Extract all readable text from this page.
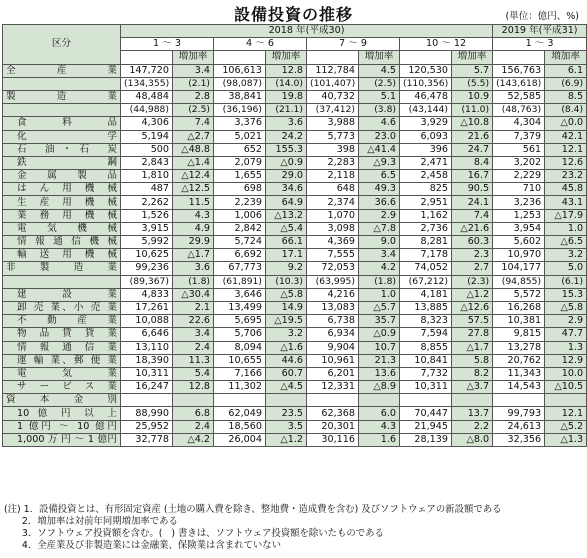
設備投資の推移	(単位：億円、%)
区分	2018 年(平成30)								2019 年(平成31)	
	1 ～ 3		4 ～ 6		7 ～ 9		10 ～ 12		1 ～ 3	
		増加率		増加率		増加率		増加率		増加率
全 産 業	147,720	3.4	106,613	12.8	112,784	4.5	120,530	5.7	156,763	6.1
	(134,355)	(2.1)	(98,087)	(14.0)	(101,407)	(2.5)	(110,356)	(5.5)	(143,618)	(6.9)
製 造 業	48,484	2.8	38,841	19.8	40,732	5.1	46,478	10.9	52,585	8.5
	(44,988)	(2.5)	(36,196)	(21.1)	(37,412)	(3.8)	(43,144)	(11.0)	(48,763)	(8.4)
食 料 品	4,306	7.4	3,376	3.6	3,988	4.6	3,929	△10.8	4,304	△0.0
化 学	5,194	△2.7	5,021	24.2	5,773	23.0	6,093	21.6	7,379	42.1
石 油・石 炭	500	△48.8	652	155.3	398	△41.4	396	24.7	561	12.1
鉄 鋼	2,843	△1.4	2,079	△0.9	2,283	△9.3	2,471	8.4	3,202	12.6
金 属 製 品	1,810	△12.4	1,655	29.0	2,118	6.5	2,458	16.7	2,229	23.2
は ん 用 機 械	487	△12.5	698	34.6	648	49.3	825	90.5	710	45.8
生 産 用 機 械	2,262	11.5	2,239	64.9	2,374	36.6	2,951	24.1	3,236	43.1
業 務 用 機 械	1,526	4.3	1,006	△13.2	1,070	2.9	1,162	7.4	1,253	△17.9
電 気 機 械	3,915	4.9	2,842	△5.4	3,098	△7.8	2,736	△21.6	3,954	1.0
情 報 通 信 機 械	5,992	29.9	5,724	66.1	4,369	9.0	8,281	60.3	5,602	△6.5
輸 送 用 機 械	10,625	△1.7	6,692	17.1	7,555	3.4	7,178	2.3	10,970	3.2
非 製 造 業	99,236	3.6	67,773	9.2	72,053	4.2	74,052	2.7	104,177	5.0
	(89,367)	(1.8)	(61,891)	(10.3)	(63,995)	(1.8)	(67,212)	(2.3)	(94,855)	(6.1)
建 設 業	4,833	△30.4	3,646	△5.8	4,216	1.0	4,181	△1.2	5,572	15.3
卸 売 業、小 売 業	17,261	2.1	13,499	14.9	13,083	△5.7	13,885	△12.6	16,268	△5.8
不 動 産 業	10,088	22.6	5,695	△19.5	6,738	35.7	8,323	57.5	10,381	2.9
物 品 賃 貸 業	6,646	3.4	5,706	3.2	6,934	△0.9	7,594	27.8	9,815	47.7
情 報 通 信 業	13,110	2.4	8,094	△1.6	9,904	10.7	8,855	△1.7	13,278	1.3
運 輸 業、郵 便 業	18,390	11.3	10,655	44.6	10,961	21.3	10,841	5.8	20,762	12.9
電 気 業	10,311	5.4	7,166	60.7	6,201	13.6	7,732	8.2	11,343	10.0
サ ー ビ ス 業	16,247	12.8	11,302	△4.5	12,331	△8.9	10,311	△3.7	14,543	△10.5
資 本 金 別										
10 億 円 以 上	88,990	6.8	62,049	23.5	62,368	6.0	70,447	13.7	99,793	12.1
1 億円 ～ 10 億円	25,952	2.4	18,560	3.5	20,301	4.3	21,945	2.2	24,613	△5.2
1,000 万 円 ～ 1 億円	32,778	△4.2	26,004	△1.2	30,116	1.6	28,139	△8.0	32,356	△1.3
(注) 1．設備投資とは、有形固定資産 (土地の購入費を除き、整地費・造成費を含む) 及びソフトウェアの新設額である
2．増加率は対前年同期増加率である
3．ソフトウェア投資額を含む。(   ) 書きは、ソフトウェア投資額を除いたものである
4．全産業及び非製造業には金融業、保険業は含まれていない
